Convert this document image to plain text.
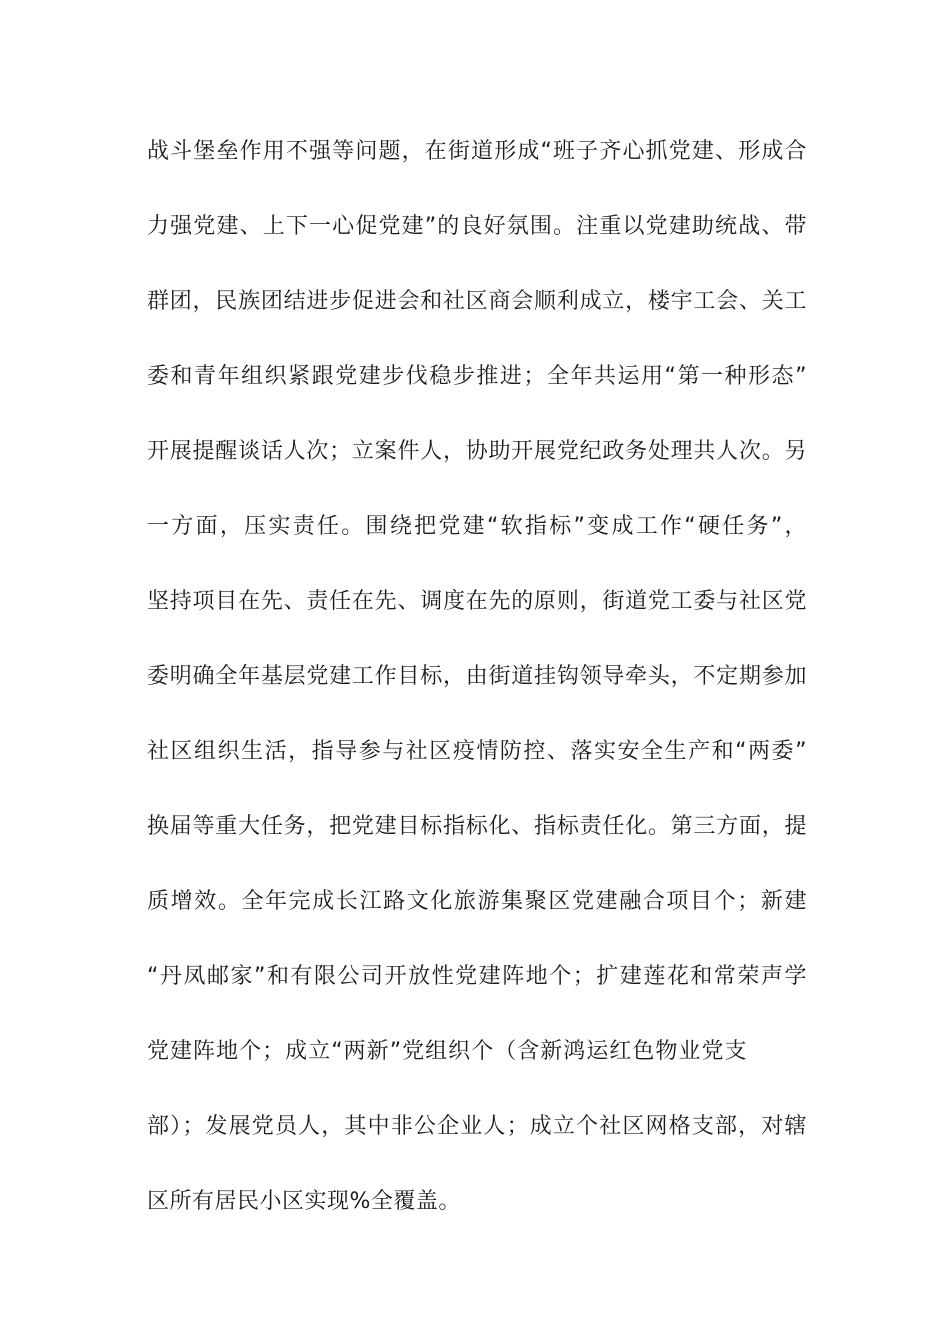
战斗堡垒作用不强等问题，在街道形成“班子齐心抓党建、形成合
力强党建、上下一心促党建”的良好氛围。注重以党建助统战、带
群团，民族团结进步促进会和社区商会顺利成立，楼宇工会、关工
委和青年组织紧跟党建步伐稳步推进；全年共运用“第一种形态”
开展提醒谈话人次；立案件人，协助开展党纪政务处理共人次。另
一方面，压实责任。围绕把党建“软指标”变成工作“硬任务”，
坚持项目在先、责任在先、调度在先的原则，街道党工委与社区党
委明确全年基层党建工作目标，由街道挂钩领导牵头，不定期参加
社区组织生活，指导参与社区疫情防控、落实安全生产和“两委”
换届等重大任务，把党建目标指标化、指标责任化。第三方面，提
质增效。全年完成长江路文化旅游集聚区党建融合项目个；新建
“丹凤邮家”和有限公司开放性党建阵地个；扩建莲花和常荣声学
党建阵地个；成立“两新”党组织个（含新鸿运红色物业党支
部）；发展党员人，其中非公企业人；成立个社区网格支部，对辖
区所有居民小区实现%全覆盖。
